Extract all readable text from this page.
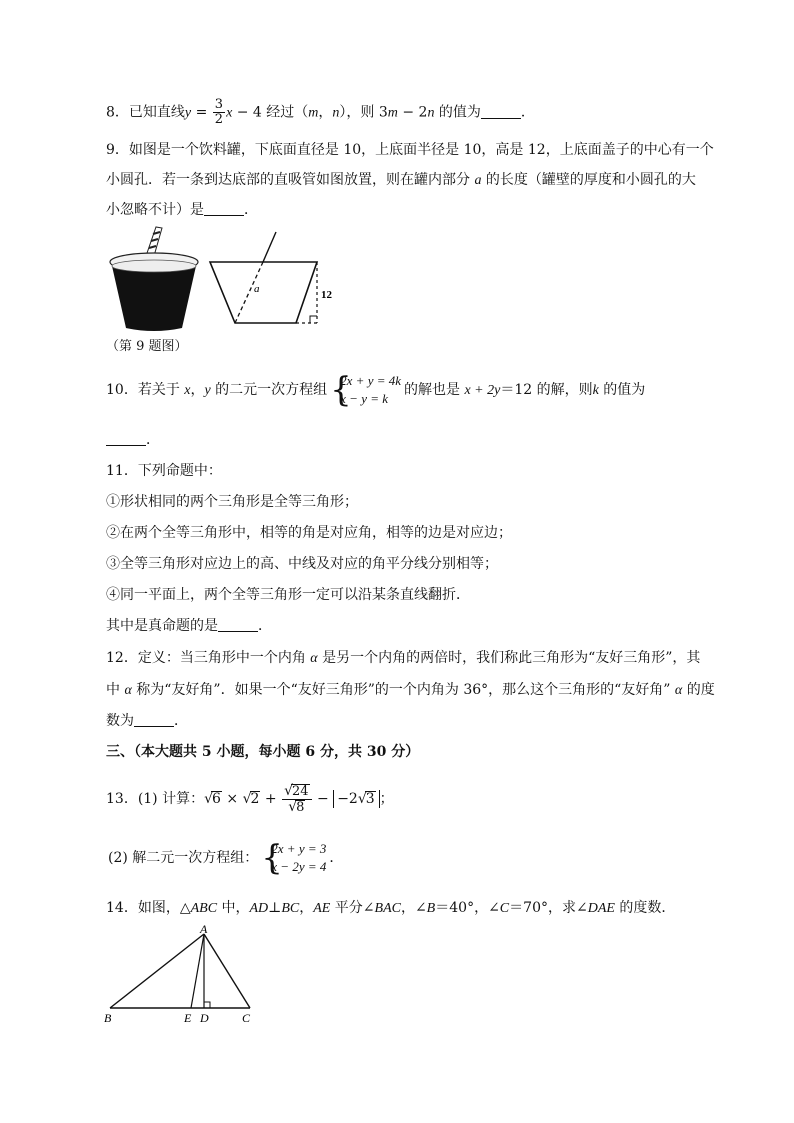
8．已知直线$y = \frac{3}{2}$ x − 4 经过（m，n），则 3m − 2n 的值为	．
9．如图是一个饮料罐，下底面直径是 10，上底面半径是 10，高是 12，上底面盖子的中心有一个
小圆孔．若一条到达底部的直吸管如图放置，则在罐内部分 a 的长度（罐壁的厚度和小圆孔的大
小忽略不计）是	．
a	12
（第 9 题图）
10．若关于 x，y 的二元一次方程组 {
2x + y = 4k
x − y = k
的解也是 x + 2y＝12 的解，则k 的值为
．
11．下列命题中：
①形状相同的两个三角形是全等三角形；
②在两个全等三角形中，相等的角是对应角，相等的边是对应边；
③全等三角形对应边上的高、中线及对应的角平分线分别相等；
④同一平面上，两个全等三角形一定可以沿某条直线翻折．
其中是真命题的是	．
12．定义：当三角形中一个内角 α 是另一个内角的两倍时，我们称此三角形为“友好三角形”，其
中 α 称为“友好角”．如果一个“友好三角形”的一个内角为 36°，那么这个三角形的“友好角” α 的度
数为	．
三、（本大题共 5 小题，每小题 6 分，共 30 分）
13．(1) 计算：$√6 \times √2 + \frac{√24}{√8} - -2√3$ ；
(2) 解二元一次方程组： {
2x + y = 3
x − 2y = 4
．
14．如图，△ABC 中，AD⊥BC，AE 平分∠BAC，∠B＝40°，∠C＝70°，求∠DAE 的度数．
A
B	E D	C
